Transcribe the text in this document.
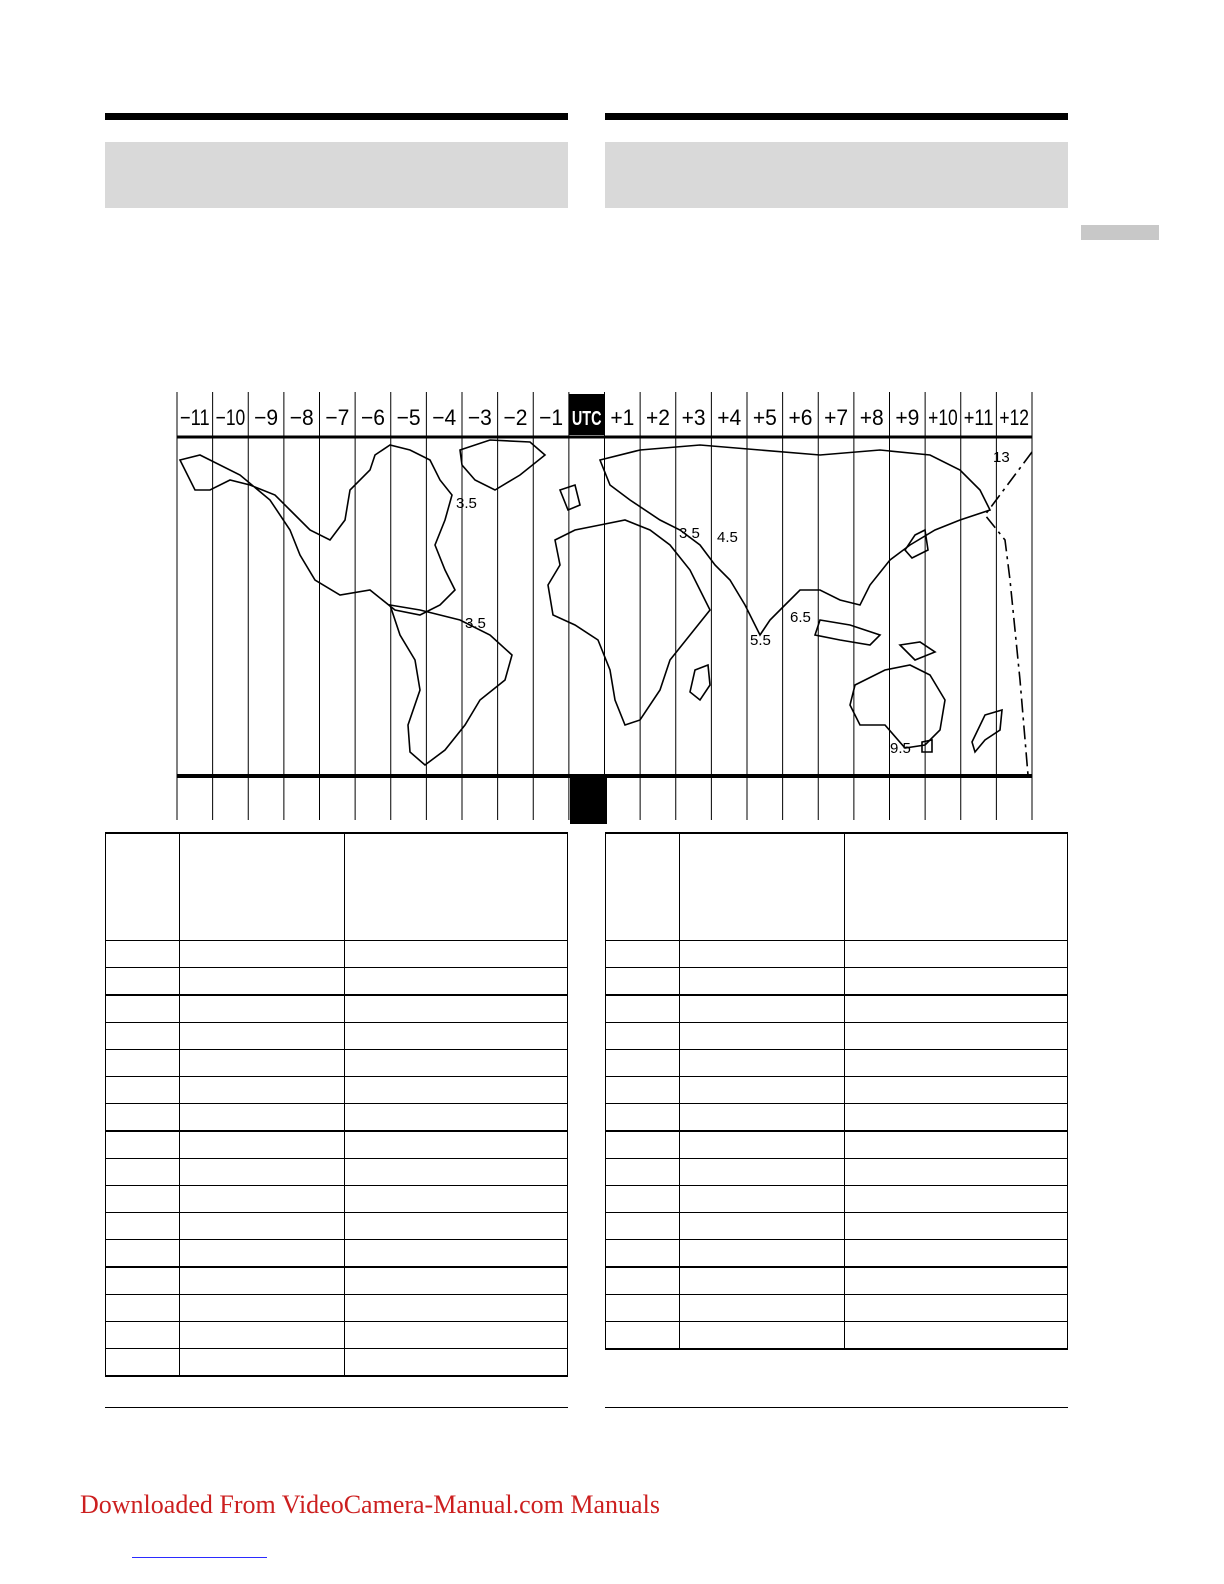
−11 −10 −9 −8 −7 −6 −5 −4 −3 −2 −1 UTC +1 +2 +3 +4 +5 +6 +7 +8 +9 +10 +11 +12
3.5
3.5
3.5 4.5
5.5
6.5
9.5
13

Downloaded From VideoCamera-Manual.com Manuals
